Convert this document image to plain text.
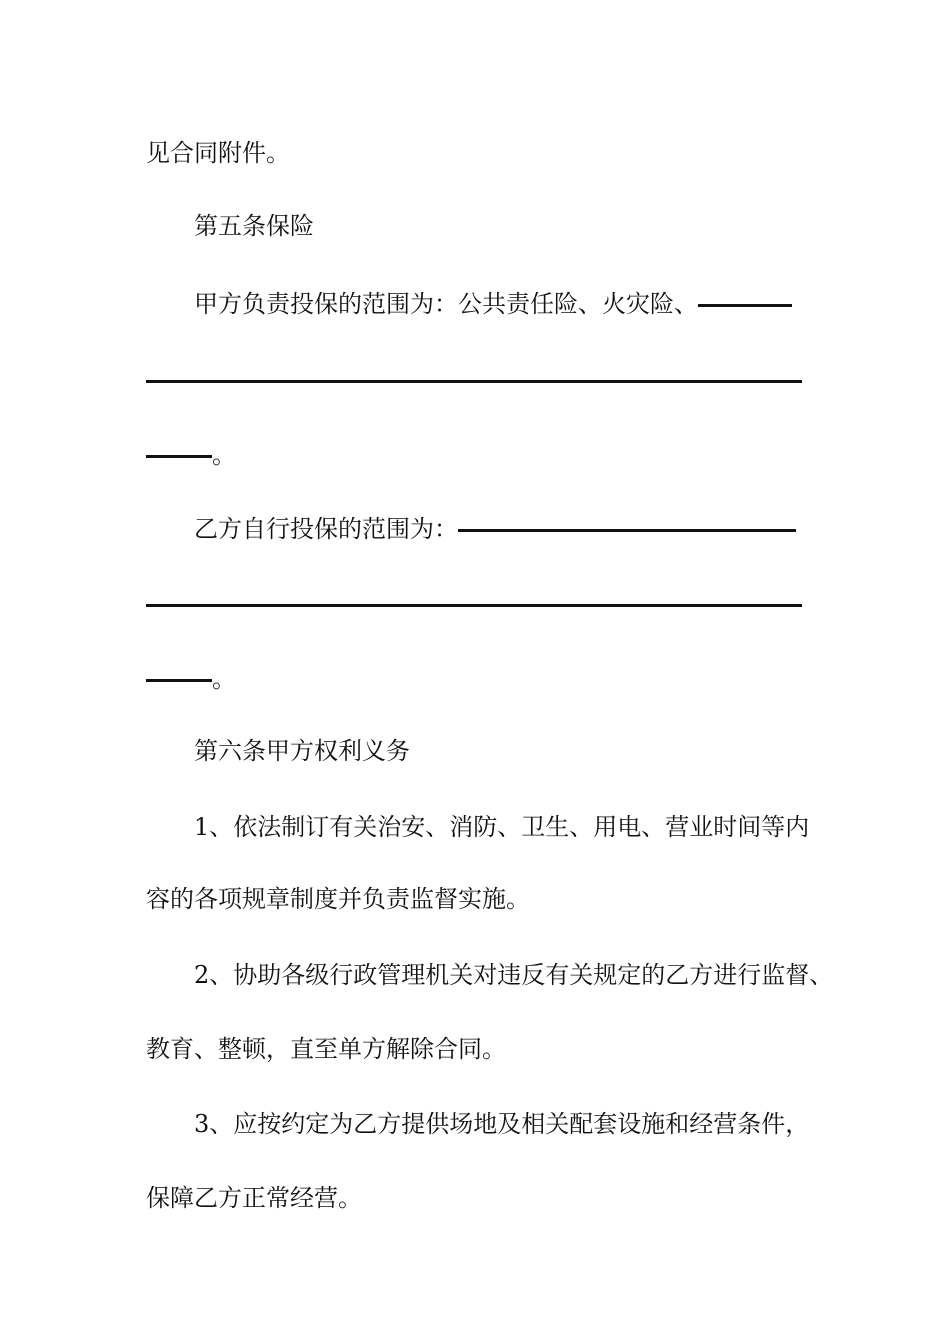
见合同附件。
第五条保险
甲方负责投保的范围为：公共责任险、火灾险、
。
乙方自行投保的范围为：
。
第六条甲方权利义务
1、依法制订有关治安、消防、卫生、用电、营业时间等内
容的各项规章制度并负责监督实施。
2、协助各级行政管理机关对违反有关规定的乙方进行监督、
教育、整顿，直至单方解除合同。
3、应按约定为乙方提供场地及相关配套设施和经营条件，
保障乙方正常经营。
